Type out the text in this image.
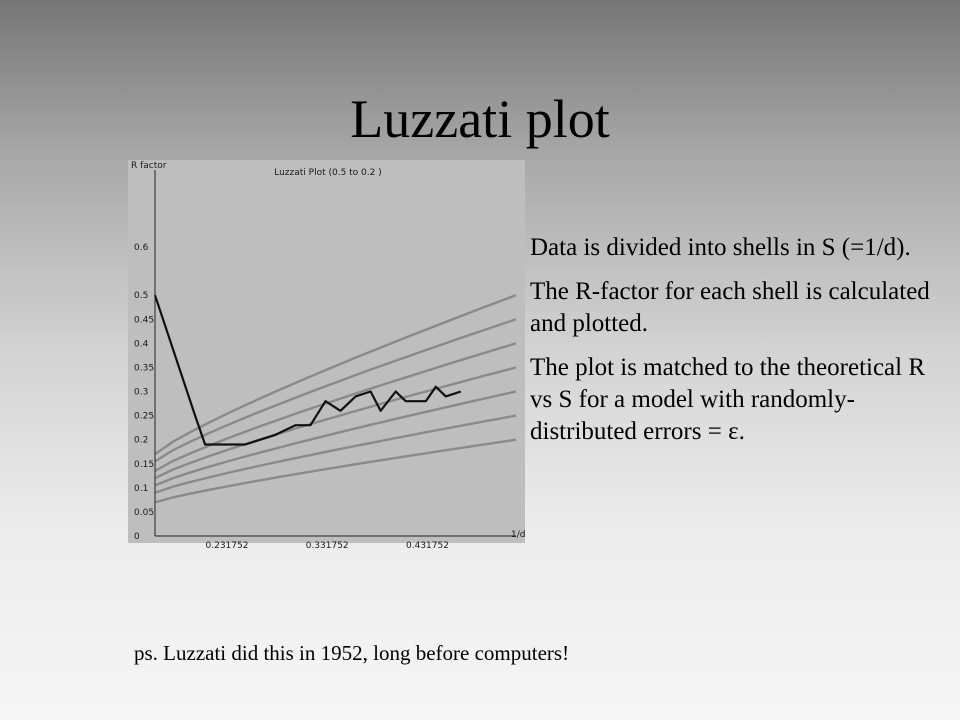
Luzzati plot
0
0.05
0.1
0.15
0.2
0.25
0.3
0.35
0.4
0.45
0.5
0.6
0.231752	0.331752	0.431752
Luzzati Plot (0.5 to 0.2 )
R factor
1/d

Data is divided into shells in S (=1/d).

The R-factor for each shell is calculated and plotted.

The plot is matched to the theoretical R vs S for a model with randomly-distributed errors = ε.

ps. Luzzati did this in 1952, long before computers!
